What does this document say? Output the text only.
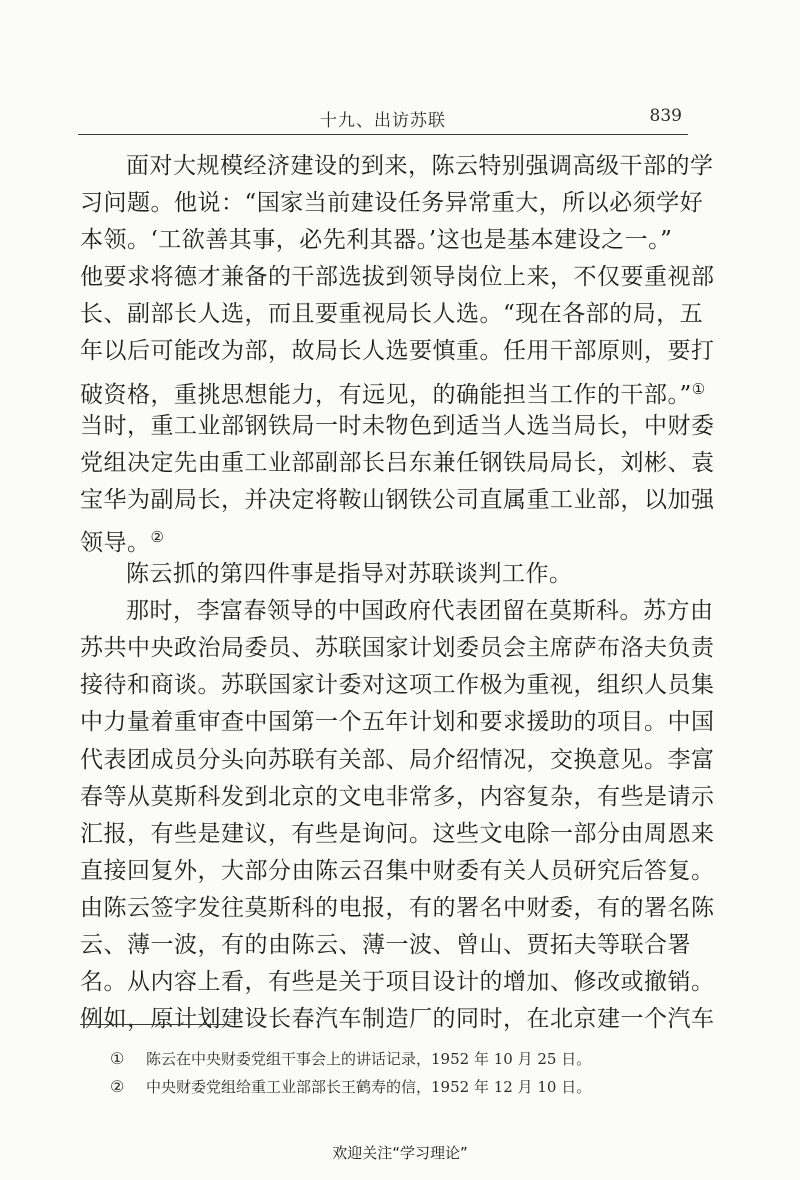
十九、出访苏联	839
面对大规模经济建设的到来，陈云特别强调高级干部的学
习问题。他说：“国家当前建设任务异常重大，所以必须学好
本领。‘工欲善其事，必先利其器。’这也是基本建设之一。”
他要求将德才兼备的干部选拔到领导岗位上来，不仅要重视部
长、副部长人选，而且要重视局长人选。“现在各部的局，五
年以后可能改为部，故局长人选要慎重。任用干部原则，要打
破资格，重挑思想能力，有远见，的确能担当工作的干部。”①
当时，重工业部钢铁局一时未物色到适当人选当局长，中财委
党组决定先由重工业部副部长吕东兼任钢铁局局长，刘彬、袁
宝华为副局长，并决定将鞍山钢铁公司直属重工业部，以加强
领导。②
陈云抓的第四件事是指导对苏联谈判工作。
那时，李富春领导的中国政府代表团留在莫斯科。苏方由
苏共中央政治局委员、苏联国家计划委员会主席萨布洛夫负责
接待和商谈。苏联国家计委对这项工作极为重视，组织人员集
中力量着重审查中国第一个五年计划和要求援助的项目。中国
代表团成员分头向苏联有关部、局介绍情况，交换意见。李富
春等从莫斯科发到北京的文电非常多，内容复杂，有些是请示
汇报，有些是建议，有些是询问。这些文电除一部分由周恩来
直接回复外，大部分由陈云召集中财委有关人员研究后答复。
由陈云签字发往莫斯科的电报，有的署名中财委，有的署名陈
云、薄一波，有的由陈云、薄一波、曾山、贾拓夫等联合署
名。从内容上看，有些是关于项目设计的增加、修改或撤销。
例如，原计划建设长春汽车制造厂的同时，在北京建一个汽车
① 陈云在中央财委党组干事会上的讲话记录，1952 年 10 月 25 日。
② 中央财委党组给重工业部部长王鹤寿的信，1952 年 12 月 10 日。
欢迎关注“学习理论”
